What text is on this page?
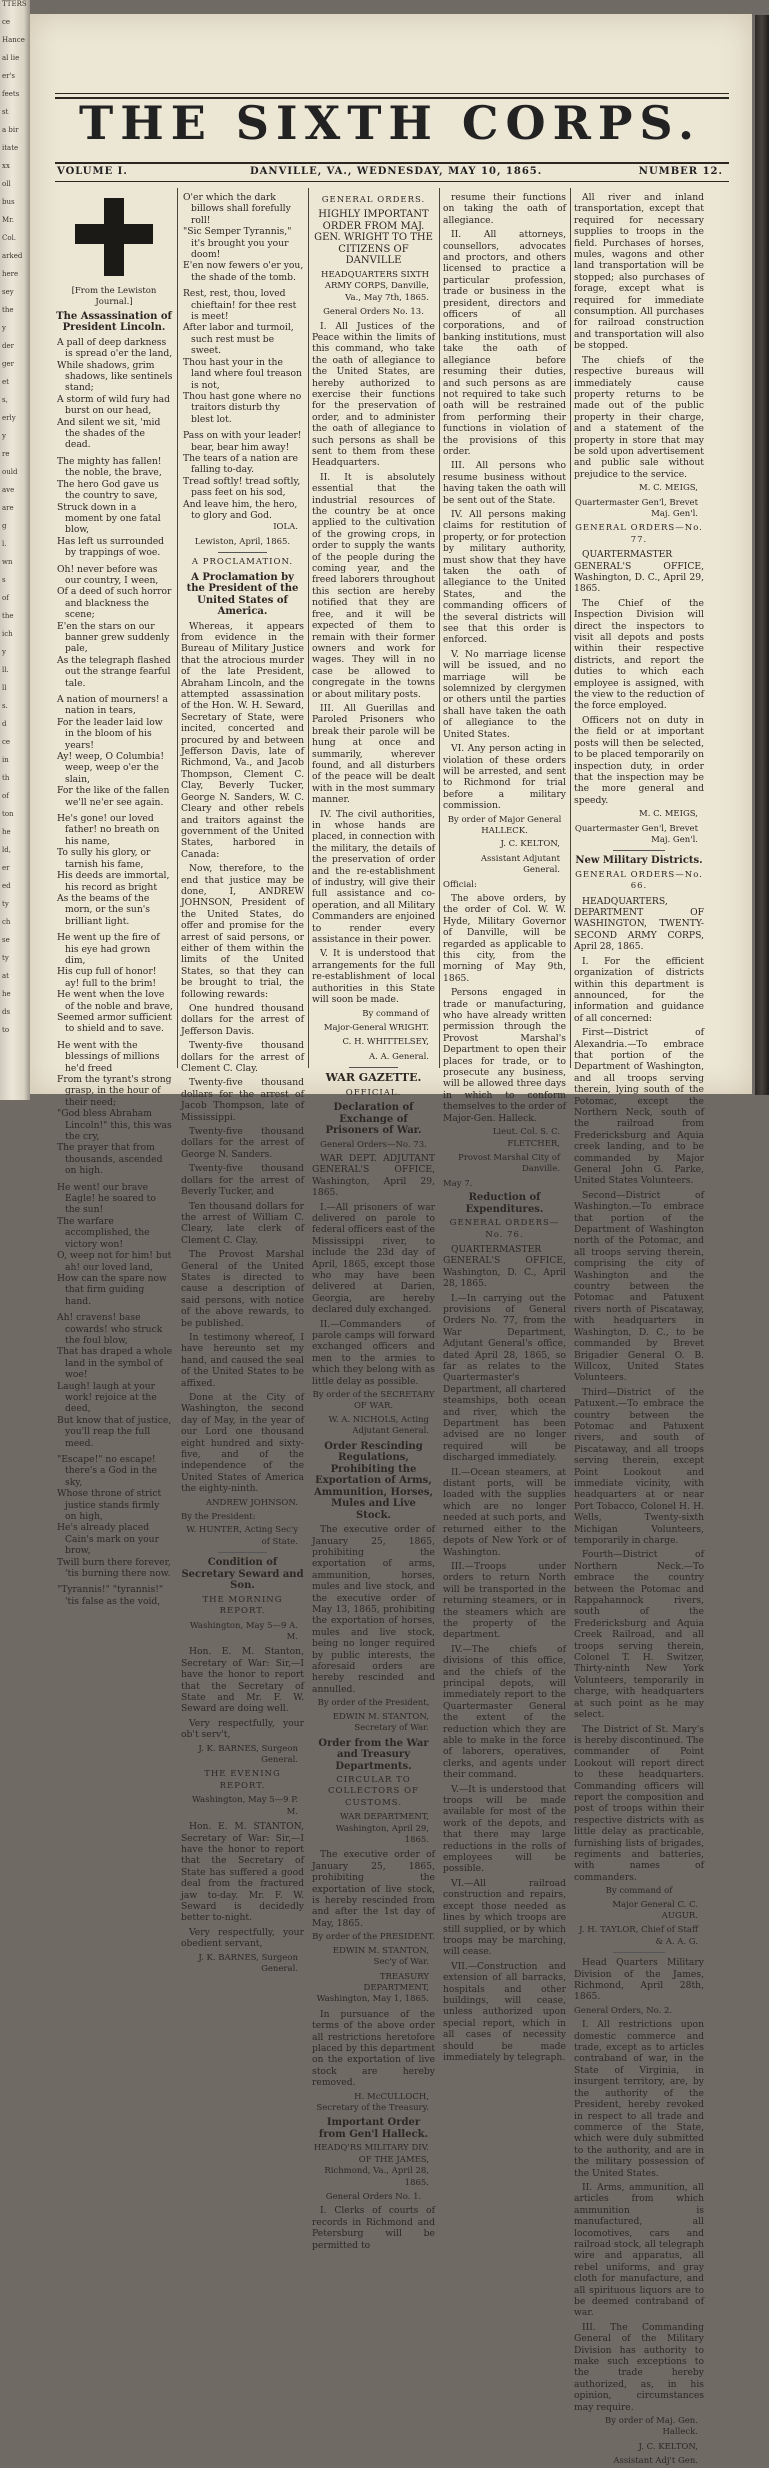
TTERS
ce
Hance
al lie
er's
feets
st
a bir
itate
xx
oll
bus
Mr.
Col.
arked
here
sey
the
y
der
ger
et
s,
erly
y
re
ould
ave
are
g
l.
wn
s
of
the
ich
y
ll.
ll
s.
d
ce
in
th
of
ton
he
ld,
er
ed
ty
ch
se
ty
at
he
ds
to
THE SIXTH CORPS.
VOLUME I.	DANVILLE, VA., WEDNESDAY, MAY 10, 1865.	NUMBER 12.
[From the Lewiston Journal.]
The Assassination of President Lincoln.

A pall of deep darkness is spread o'er the land,

While shadows, grim shadows, like sentinels stand;

A storm of wild fury had burst on our head,

And silent we sit, 'mid the shades of the dead.

The mighty has fallen! the noble, the brave,

The hero God gave us the country to save,

Struck down in a moment by one fatal blow,

Has left us surrounded by trappings of woe.

Oh! never before was our country, I ween,

Of a deed of such horror and blackness the scene;

E'en the stars on our banner grew suddenly pale,

As the telegraph flashed out the strange fearful tale.

A nation of mourners! a nation in tears,

For the leader laid low in the bloom of his years!

Ay! weep, O Columbia! weep, weep o'er the slain,

For the like of the fallen we'll ne'er see again.

He's gone! our loved father! no breath on his name,

To sully his glory, or tarnish his fame,

His deeds are immortal, his record as bright

As the beams of the morn, or the sun's brilliant light.

He went up the fire of his eye had grown dim,

His cup full of honor! ay! full to the brim!

He went when the love of the noble and brave,

Seemed armor sufficient to shield and to save.

He went with the blessings of millions he'd freed

From the tyrant's strong grasp, in the hour of their need;

"God bless Abraham Lincoln!" this, this was the cry,

The prayer that from thousands, ascended on high.

He went! our brave Eagle! he soared to the sun!

The warfare accomplished, the victory won!

O, weep not for him! but ah! our loved land,

How can the spare now that firm guiding hand.

Ah! cravens! base cowards! who struck the foul blow,

That has draped a whole land in the symbol of woe!

Laugh! laugh at your work! rejoice at the deed,

But know that of justice, you'll reap the full meed.

"Escape!" no escape! there's a God in the sky,

Whose throne of strict justice stands firmly on high,

He's already placed Cain's mark on your brow,

Twill burn there forever, 'tis burning there now.

"Tyrannis!" "tyrannis!" 'tis false as the void,

O'er which the dark billows shall forefully roll!

"Sic Semper Tyrannis," it's brought you your doom!

E'en now fewers o'er you, the shade of the tomb.

Rest, rest, thou, loved chieftain! for thee rest is meet!

After labor and turmoil, such rest must be sweet.

Thou hast your in the land where foul treason is not,

Thou hast gone where no traitors disturb thy blest lot.

Pass on with your leader! bear, bear him away!

The tears of a nation are falling to-day.

Tread softly! tread softly, pass feet on his sod,

And leave him, the hero, to glory and God.

IOLA.
Lewiston, April, 1865.
A PROCLAMATION.
A Proclamation by the President of the United States of America.

Whereas, it appears from evidence in the Bureau of Military Justice that the atrocious murder of the late President, Abraham Lincoln, and the attempted assassination of the Hon. W. H. Seward, Secretary of State, were incited, concerted and procured by and between Jefferson Davis, late of Richmond, Va., and Jacob Thompson, Clement C. Clay, Beverly Tucker, George N. Sanders, W. C. Cleary and other rebels and traitors against the government of the United States, harbored in Canada:

Now, therefore, to the end that justice may be done, I, ANDREW JOHNSON, President of the United States, do offer and promise for the arrest of said persons, or either of them within the limits of the United States, so that they can be brought to trial, the following rewards:

One hundred thousand dollars for the arrest of Jefferson Davis.

Twenty-five thousand dollars for the arrest of Clement C. Clay.

Twenty-five thousand dollars for the arrest of Jacob Thompson, late of Mississippi.

Twenty-five thousand dollars for the arrest of George N. Sanders.

Twenty-five thousand dollars for the arrest of Beverly Tucker, and

Ten thousand dollars for the arrest of William C. Cleary, late clerk of Clement C. Clay.

The Provost Marshal General of the United States is directed to cause a description of said persons, with notice of the above rewards, to be published.

In testimony whereof, I have hereunto set my hand, and caused the seal of the United States to be affixed.

Done at the City of Washington, the second day of May, in the year of our Lord one thousand eight hundred and sixty-five, and of the independence of the United States of America the eighty-ninth.

ANDREW JOHNSON.
By the President:
W. HUNTER, Acting Sec'y of State.
Condition of Secretary Seward and Son.
THE MORNING REPORT.
Washington, May 5—9 A. M.

Hon. E. M. Stanton, Secretary of War: Sir,—I have the honor to report that the Secretary of State and Mr. F. W. Seward are doing well.

Very respectfully, your ob't serv't,

J. K. BARNES, Surgeon General.
THE EVENING REPORT.
Washington, May 5—9 P. M.

Hon. E. M. STANTON, Secretary of War: Sir,—I have the honor to report that the Secretary of State has suffered a good deal from the fractured jaw to-day. Mr. F. W. Seward is decidedly better to-night.

Very respectfully, your obedient servant,

J. K. BARNES, Surgeon General.
GENERAL ORDERS.
HIGHLY IMPORTANT ORDER FROM MAJ. GEN. WRIGHT TO THE CITIZENS OF DANVILLE
HEADQUARTERS SIXTH ARMY CORPS, Danville, Va., May 7th, 1865.
General Orders No. 13.

I. All Justices of the Peace within the limits of this command, who take the oath of allegiance to the United States, are hereby authorized to exercise their functions for the preservation of order, and to administer the oath of allegiance to such persons as shall be sent to them from these Headquarters.

II. It is absolutely essential that the industrial resources of the country be at once applied to the cultivation of the growing crops, in order to supply the wants of the people during the coming year, and the freed laborers throughout this section are hereby notified that they are free, and it will be expected of them to remain with their former owners and work for wages. They will in no case be allowed to congregate in the towns or about military posts.

III. All Guerillas and Paroled Prisoners who break their parole will be hung at once and summarily, wherever found, and all disturbers of the peace will be dealt with in the most summary manner.

IV. The civil authorities, in whose hands are placed, in connection with the military, the details of the preservation of order and the re-establishment of industry, will give their full assistance and co-operation, and all Military Commanders are enjoined to render every assistance in their power.

V. It is understood that arrangements for the full re-establishment of local authorities in this State will soon be made.

By command of
Major-General WRIGHT.
C. H. WHITTELSEY,
A. A. General.
WAR GAZETTE.
OFFICIAL.
Declaration of Exchange of Prisoners of War.
General Orders—No. 73.

WAR DEPT. ADJUTANT GENERAL'S OFFICE, Washington, April 29, 1865.

I.—All prisoners of war delivered on parole to federal officers east of the Mississippi river, to include the 23d day of April, 1865, except those who may have been delivered at Darien, Georgia, are hereby declared duly exchanged.

II.—Commanders of parole camps will forward exchanged officers and men to the armies to which they belong with as little delay as possible.

By order of the SECRETARY OF WAR.
W. A. NICHOLS, Acting Adjutant General.
Order Rescinding Regulations, Prohibiting the Exportation of Arms, Ammunition, Horses, Mules and Live Stock.

The executive order of January 25, 1865, prohibiting the exportation of arms, ammunition, horses, mules and live stock, and the executive order of May 13, 1865, prohibiting the exportation of horses, mules and live stock, being no longer required by public interests, the aforesaid orders are hereby rescinded and annulled.

By order of the President,
EDWIN M. STANTON, Secretary of War.
Order from the War and Treasury Departments.
CIRCULAR TO COLLECTORS OF CUSTOMS.
WAR DEPARTMENT, Washington, April 29, 1865.

The executive order of January 25, 1865, prohibiting the exportation of live stock, is hereby rescinded from and after the 1st day of May, 1865.

By order of the PRESIDENT.
EDWIN M. STANTON, Sec'y of War.
TREASURY DEPARTMENT, Washington, May 1, 1865.

In pursuance of the terms of the above order all restrictions heretofore placed by this department on the exportation of live stock are hereby removed.

H. McCULLOCH, Secretary of the Treasury.
Important Order from Gen'l Halleck.
HEADQ'RS MILITARY DIV. OF THE JAMES, Richmond, Va., April 28, 1865.
General Orders No. 1.

I. Clerks of courts of records in Richmond and Petersburg will be permitted to

resume their functions on taking the oath of allegiance.

II. All attorneys, counsellors, advocates and proctors, and others licensed to practice a particular profession, trade or business in the president, directors and officers of all corporations, and of banking institutions, must take the oath of allegiance before resuming their duties, and such persons as are not required to take such oath will be restrained from performing their functions in violation of the provisions of this order.

III. All persons who resume business without having taken the oath will be sent out of the State.

IV. All persons making claims for restitution of property, or for protection by military authority, must show that they have taken the oath of allegiance to the United States, and the commanding officers of the several districts will see that this order is enforced.

V. No marriage license will be issued, and no marriage will be solemnized by clergymen or others until the parties shall have taken the oath of allegiance to the United States.

VI. Any person acting in violation of these orders will be arrested, and sent to Richmond for trial before a military commission.

By order of Major General HALLECK.
J. C. KELTON,
Assistant Adjutant General.
Official:

The above orders, by the order of Col. W. W. Hyde, Military Governor of Danville, will be regarded as applicable to this city, from the morning of May 9th, 1865.

Persons engaged in trade or manufacturing, who have already written permission through the Provost Marshal's Department to open their places for trade, or to prosecute any business, will be allowed three days in which to conform themselves to the order of Major-Gen. Halleck.

Lieut. Col. S. C. FLETCHER,
Provost Marshal City of Danville.
May 7.
Reduction of Expenditures.
GENERAL ORDERS—No. 76.

QUARTERMASTER GENERAL'S OFFICE, Washington, D. C., April 28, 1865.

I.—In carrying out the provisions of General Orders No. 77, from the War Department, Adjutant General's office, dated April 28, 1865, so far as relates to the Quartermaster's Department, all chartered steamships, both ocean and river, which the Department has been advised are no longer required will be discharged immediately.

II.—Ocean steamers, at distant ports, will be loaded with the supplies which are no longer needed at such ports, and returned either to the depots of New York or of Washington.

III.—Troops under orders to return North will be transported in the returning steamers, or in the steamers which are the property of the department.

IV.—The chiefs of divisions of this office, and the chiefs of the principal depots, will immediately report to the Quartermaster General the extent of the reduction which they are able to make in the force of laborers, operatives, clerks, and agents under their command.

V.—It is understood that troops will be made available for most of the work of the depots, and that there may large reductions in the rolls of employees will be possible.

VI.—All railroad construction and repairs, except those needed as lines by which troops are still supplied, or by which troops may be marching, will cease.

VII.—Construction and extension of all barracks, hospitals and other buildings, will cease, unless authorized upon special report, which in all cases of necessity should be made immediately by telegraph.

All river and inland transportation, except that required for necessary supplies to troops in the field. Purchases of horses, mules, wagons and other land transportation will be stopped; also purchases of forage, except what is required for immediate consumption. All purchases for railroad construction and transportation will also be stopped.

The chiefs of the respective bureaus will immediately cause property returns to be made out of the public property in their charge, and a statement of the property in store that may be sold upon advertisement and public sale without prejudice to the service.

M. C. MEIGS,
Quartermaster Gen'l, Brevet Maj. Gen'l.
GENERAL ORDERS—No. 77.

QUARTERMASTER GENERAL'S OFFICE, Washington, D. C., April 29, 1865.

The Chief of the Inspection Division will direct the inspectors to visit all depots and posts within their respective districts, and report the duties to which each employee is assigned, with the view to the reduction of the force employed.

Officers not on duty in the field or at important posts will then be selected, to be placed temporarily on inspection duty, in order that the inspection may be the more general and speedy.

M. C. MEIGS,
Quartermaster Gen'l, Brevet Maj. Gen'l.
New Military Districts.
GENERAL ORDERS—No. 66.

HEADQUARTERS, DEPARTMENT OF WASHINGTON, TWENTY-SECOND ARMY CORPS, April 28, 1865.

I. For the efficient organization of districts within this department is announced, for the information and guidance of all concerned:

First—District of Alexandria.—To embrace that portion of the Department of Washington, and all troops serving therein, lying south of the Potomac, except the Northern Neck, south of the railroad from Fredericksburg and Aquia creek landing, and to be commanded by Major General John G. Parke, United States Volunteers.

Second—District of Washington.—To embrace that portion of the Department of Washington north of the Potomac, and all troops serving therein, comprising the city of Washington and the country between the Potomac and Patuxent rivers north of Piscataway, with headquarters in Washington, D. C., to be commanded by Brevet Brigadier General O. B. Willcox, United States Volunteers.

Third—District of the Patuxent.—To embrace the country between the Potomac and Patuxent rivers, and south of Piscataway, and all troops serving therein, except Point Lookout and immediate vicinity, with headquarters at or near Port Tobacco, Colonel H. H. Wells, Twenty-sixth Michigan Volunteers, temporarily in charge.

Fourth—District of Northern Neck.—To embrace the country between the Potomac and Rappahannock rivers, south of the Fredericksburg and Aquia Creek Railroad, and all troops serving therein, Colonel T. H. Switzer, Thirty-ninth New York Volunteers, temporarily in charge, with headquarters at such point as he may select.

The District of St. Mary's is hereby discontinued. The commander of Point Lookout will report direct to these headquarters. Commanding officers will report the composition and post of troops within their respective districts with as little delay as practicable, furnishing lists of brigades, regiments and batteries, with names of commanders.

By command of
Major General C. C. AUGUR.
J. H. TAYLOR, Chief of Staff & A. A. G.

Head Quarters Military Division of the James, Richmond, April 28th, 1865.

General Orders, No. 2.

I. All restrictions upon domestic commerce and trade, except as to articles contraband of war, in the State of Virginia, in insurgent territory, are, by the authority of the President, hereby revoked in respect to all trade and commerce of the State, which were duly submitted to the authority, and are in the military possession of the United States.

II. Arms, ammunition, all articles from which ammunition is manufactured, all locomotives, cars and railroad stock, all telegraph wire and apparatus, all rebel uniforms, and gray cloth for manufacture, and all spirituous liquors are to be deemed contraband of war.

III. The Commanding General of the Military Division has authority to make such exceptions to the trade hereby authorized, as, in his opinion, circumstances may require.

By order of Maj. Gen. Halleck.
J. C. KELTON,
Assistant Adj't Gen.
